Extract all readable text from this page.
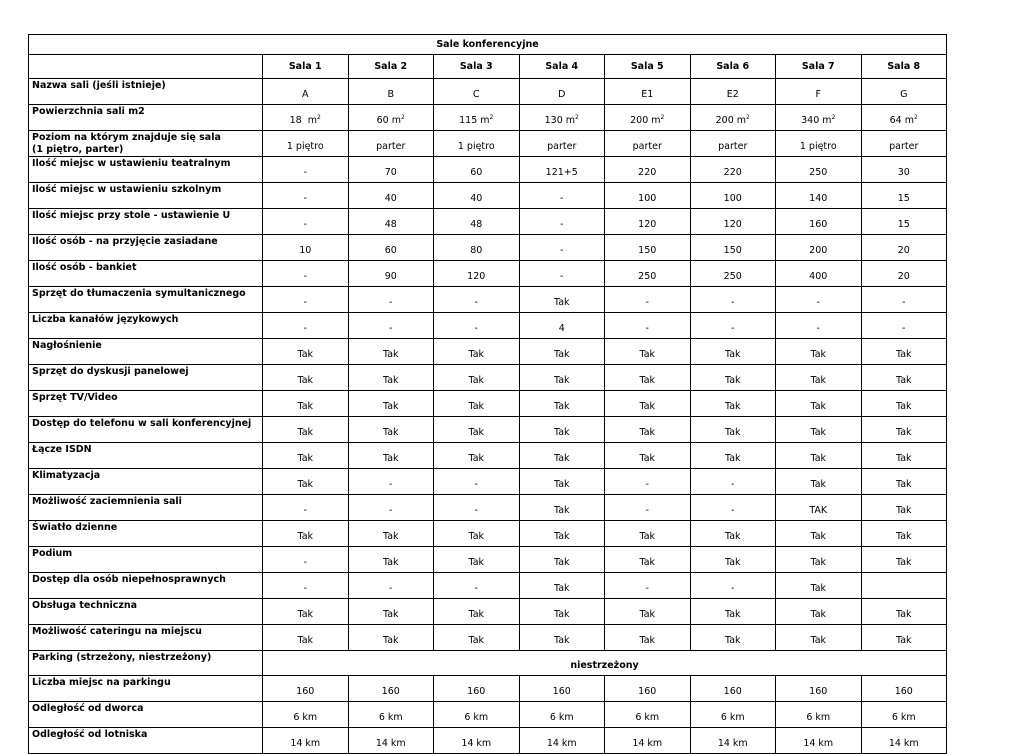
Sale konferencyjne								
	Sala 1	Sala 2	Sala 3	Sala 4	Sala 5	Sala 6	Sala 7	Sala 8
Nazwa sali (jeśli istnieje)	A	B	C	D	E1	E2	F	G
Powierzchnia sali m2	18 $m^2$	60 $m^2$	115 $m^2$	130 $m^2$	200 $m^2$	200 $m^2$	340 $m^2$	64 $m^2$
Poziom na którym znajduje się sala
(1 piętro, parter)	1 piętro	parter	1 piętro	parter	parter	parter	1 piętro	parter
Ilość miejsc w ustawieniu teatralnym	-	70	60	121+5	220	220	250	30
Ilość miejsc w ustawieniu szkolnym	-	40	40	-	100	100	140	15
Ilość miejsc przy stole - ustawienie U	-	48	48	-	120	120	160	15
Ilość osób - na przyjęcie zasiadane	10	60	80	-	150	150	200	20
Ilość osób - bankiet	-	90	120	-	250	250	400	20
Sprzęt do tłumaczenia symultanicznego	-	-	-	Tak	-	-	-	-
Liczba kanałów językowych	-	-	-	4	-	-	-	-
Nagłośnienie	Tak	Tak	Tak	Tak	Tak	Tak	Tak	Tak
Sprzęt do dyskusji panelowej	Tak	Tak	Tak	Tak	Tak	Tak	Tak	Tak
Sprzęt TV/Video	Tak	Tak	Tak	Tak	Tak	Tak	Tak	Tak
Dostęp do telefonu w sali konferencyjnej	Tak	Tak	Tak	Tak	Tak	Tak	Tak	Tak
Łącze ISDN	Tak	Tak	Tak	Tak	Tak	Tak	Tak	Tak
Klimatyzacja	Tak	-	-	Tak	-	-	Tak	Tak
Możliwość zaciemnienia sali	-	-	-	Tak	-	-	TAK	Tak
Światło dzienne	Tak	Tak	Tak	Tak	Tak	Tak	Tak	Tak
Podium	-	Tak	Tak	Tak	Tak	Tak	Tak	Tak
Dostęp dla osób niepełnosprawnych	-	-	-	Tak	-	-	Tak	
Obsługa techniczna	Tak	Tak	Tak	Tak	Tak	Tak	Tak	Tak
Możliwość cateringu na miejscu	Tak	Tak	Tak	Tak	Tak	Tak	Tak	Tak
Parking (strzeżony, niestrzeżony)	niestrzeżony							
Liczba miejsc na parkingu	160	160	160	160	160	160	160	160
Odległość od dworca	6 km	6 km	6 km	6 km	6 km	6 km	6 km	6 km
Odległość od lotniska	14 km	14 km	14 km	14 km	14 km	14 km	14 km	14 km
